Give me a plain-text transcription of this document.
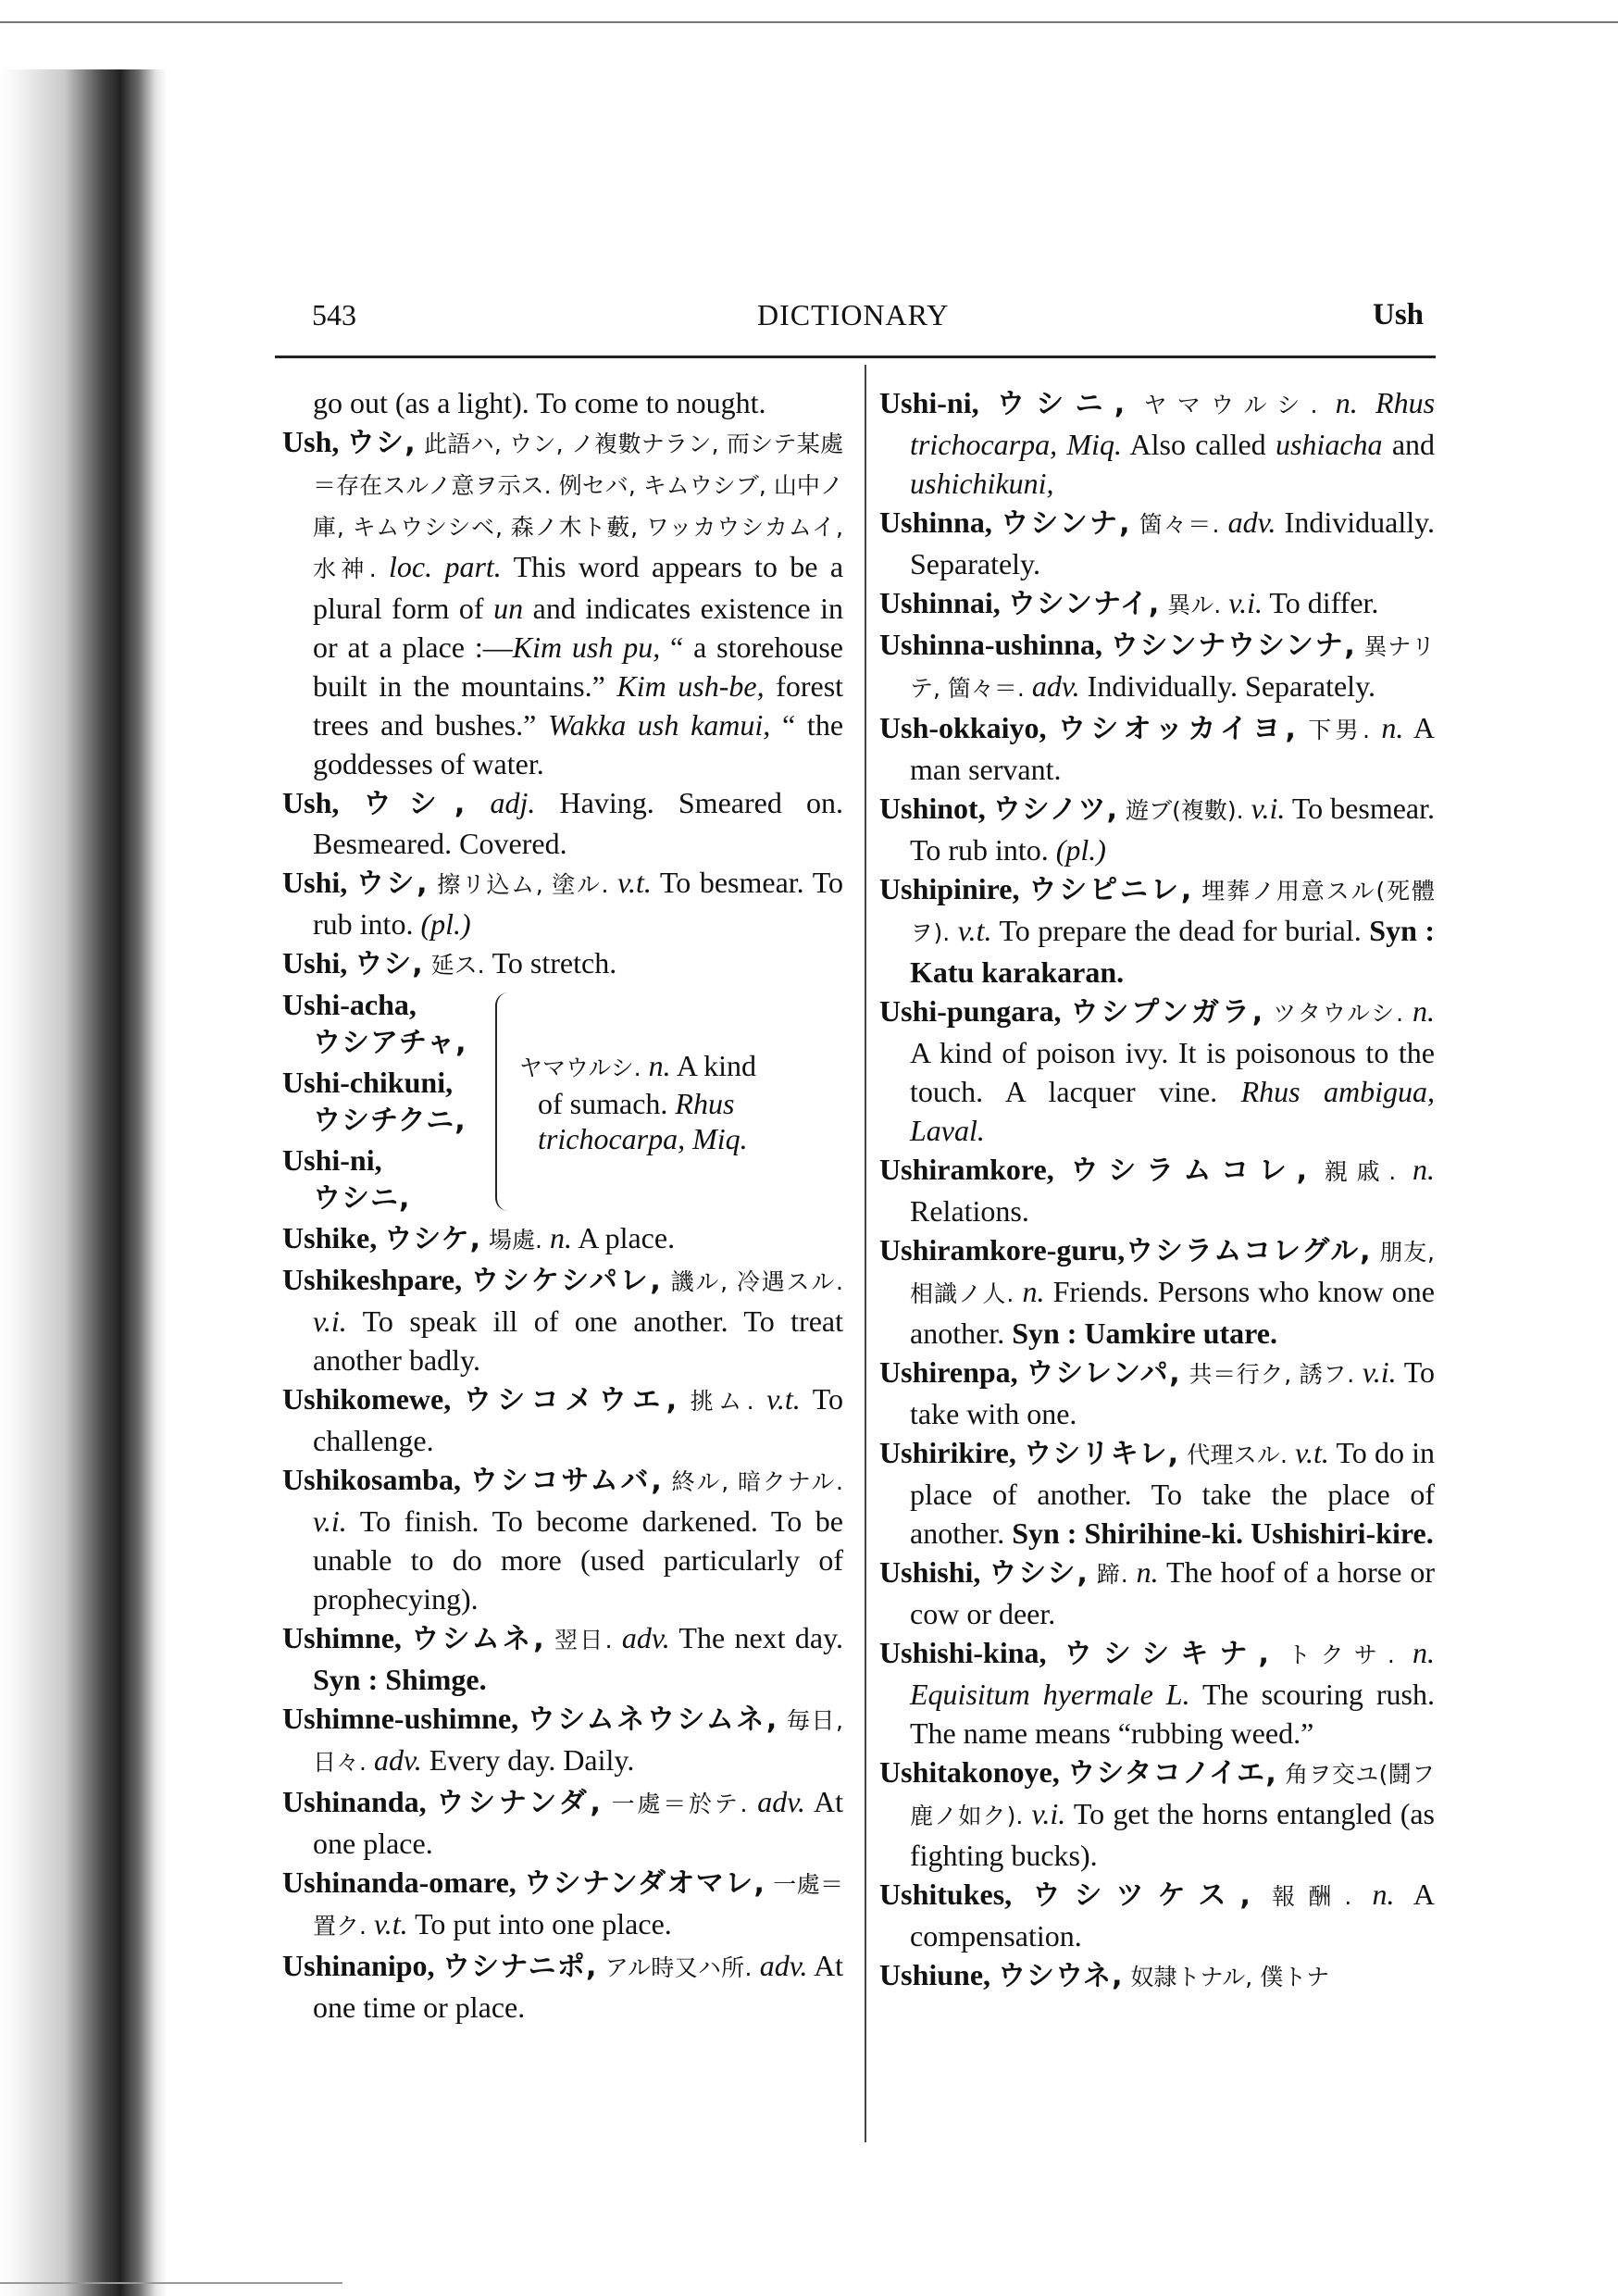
543	DICTIONARY	Ush

go out (as a light). To come to nought.

Ush, ウシ, 此語ハ, ウン, ノ複數ナラン, 而シテ某處＝存在スルノ意ヲ示ス. 例セバ, キムウシブ, 山中ノ庫, キムウシシベ, 森ノ木ト藪, ワッカウシカムイ, 水神. loc. part. This word appears to be a plural form of un and indicates existence in or at a place :—Kim ush pu, “ a storehouse built in the mountains.” Kim ush-be, forest trees and bushes.” Wakka ush kamui, “ the goddesses of water.

Ush, ウシ, adj. Having. Smeared on. Besmeared. Covered.

Ushi, ウシ, 擦リ込ム, 塗ル. v.t. To besmear. To rub into. (pl.)

Ushi, ウシ, 延ス. To stretch.

Ushi-acha,
ウシアチャ,
Ushi-chikuni,
ウシチクニ,
Ushi-ni,
ウシニ,
ヤマウルシ. n. A kind
of sumach. Rhus trichocarpa, Miq.

Ushike, ウシケ, 場處. n. A place.

Ushikeshpare, ウシケシパレ, 譏ル, 冷遇スル. v.i. To speak ill of one another. To treat another badly.

Ushikomewe, ウシコメウエ, 挑ム. v.t. To challenge.

Ushikosamba, ウシコサムバ, 終ル, 暗クナル. v.i. To finish. To become darkened. To be unable to do more (used particularly of prophecying).

Ushimne, ウシムネ, 翌日. adv. The next day. Syn : Shimge.

Ushimne-ushimne, ウシムネウシムネ, 毎日, 日々. adv. Every day. Daily.

Ushinanda, ウシナンダ, 一處＝於テ. adv. At one place.

Ushinanda-omare, ウシナンダオマレ, 一處＝置ク. v.t. To put into one place.

Ushinanipo, ウシナニポ, アル時又ハ所. adv. At one time or place.

Ushi-ni, ウシニ, ヤマウルシ. n. Rhus trichocarpa, Miq. Also called ushiacha and ushichikuni,

Ushinna, ウシンナ, 箇々＝. adv. Individually. Separately.

Ushinnai, ウシンナイ, 異ル. v.i. To differ.

Ushinna-ushinna, ウシンナウシンナ, 異ナリテ, 箇々＝. adv. Individually. Separately.

Ush-okkaiyo, ウシオッカイヨ, 下男. n. A man servant.

Ushinot, ウシノツ, 遊ブ(複數). v.i. To besmear. To rub into. (pl.)

Ushipinire, ウシピニレ, 埋葬ノ用意スル(死體ヲ). v.t. To prepare the dead for burial. Syn : Katu karakaran.

Ushi-pungara, ウシプンガラ, ツタウルシ. n. A kind of poison ivy. It is poisonous to the touch. A lacquer vine. Rhus ambigua, Laval.

Ushiramkore, ウシラムコレ, 親戚. n. Relations.

Ushiramkore-guru,ウシラムコレグル, 朋友, 相識ノ人. n. Friends. Persons who know one another. Syn : Uamkire utare.

Ushirenpa, ウシレンパ, 共＝行ク, 誘フ. v.i. To take with one.

Ushirikire, ウシリキレ, 代理スル. v.t. To do in place of another. To take the place of another. Syn : Shirihine-ki. Ushishiri-kire.

Ushishi, ウシシ, 蹄. n. The hoof of a horse or cow or deer.

Ushishi-kina, ウシシキナ, トクサ. n. Equisitum hyermale L. The scouring rush. The name means “rubbing weed.”

Ushitakonoye, ウシタコノイエ, 角ヲ交ユ(鬪フ鹿ノ如ク). v.i. To get the horns entangled (as fighting bucks).

Ushitukes, ウシツケス, 報酬. n. A compensation.

Ushiune, ウシウネ, 奴隷トナル, 僕トナ
